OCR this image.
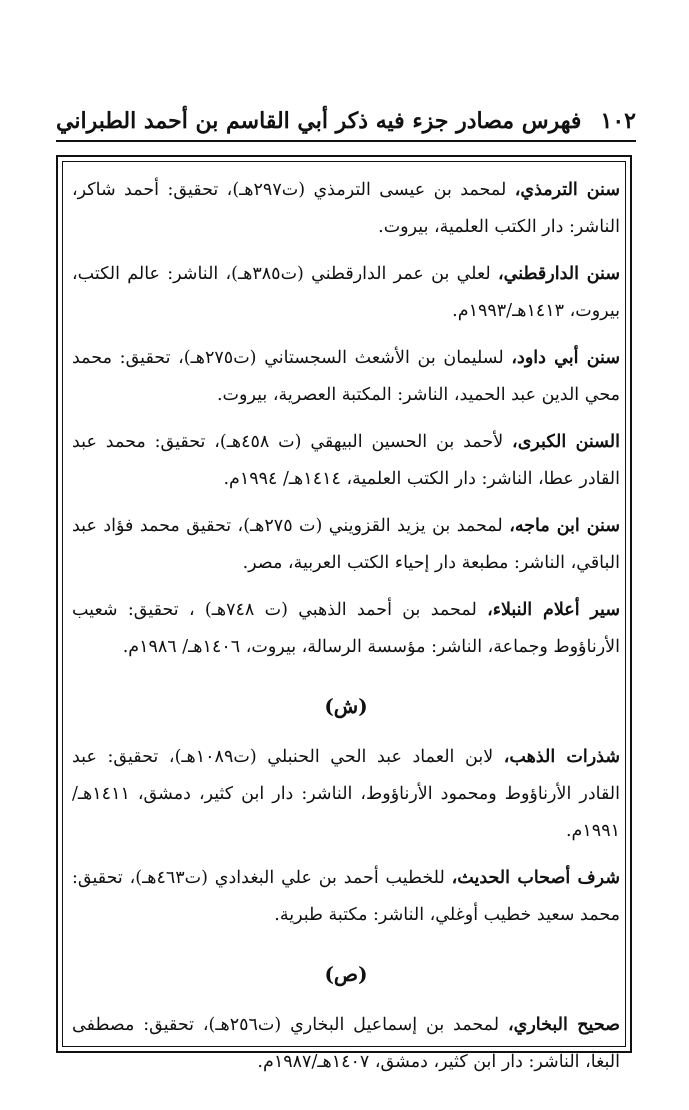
١٠٢
فهرس مصادر جزء فيه ذكر أبي القاسم بن أحمد الطبراني

سنن الترمذي، لمحمد بن عيسى الترمذي (ت٢٩٧هـ)، تحقيق: أحمد شاكر، الناشر: دار الكتب العلمية، بيروت.

سنن الدارقطني، لعلي بن عمر الدارقطني (ت٣٨٥هـ)، الناشر: عالم الكتب، بيروت، ١٤١٣هـ/١٩٩٣م.

سنن أبي داود، لسليمان بن الأشعث السجستاني (ت٢٧٥هـ)، تحقيق: محمد محي الدين عبد الحميد، الناشر: المكتبة العصرية، بيروت.

السنن الكبرى، لأحمد بن الحسين البيهقي (ت ٤٥٨هـ)، تحقيق: محمد عبد القادر عطا، الناشر: دار الكتب العلمية، ١٤١٤هـ/ ١٩٩٤م.

سنن ابن ماجه، لمحمد بن يزيد القزويني (ت ٢٧٥هـ)، تحقيق محمد فؤاد عبد الباقي، الناشر: مطبعة دار إحياء الكتب العربية، مصر.

سير أعلام النبلاء، لمحمد بن أحمد الذهبي (ت ٧٤٨هـ) ، تحقيق: شعيب الأرناؤوط وجماعة، الناشر: مؤسسة الرسالة، بيروت، ١٤٠٦هـ/ ١٩٨٦م.

(ش)

شذرات الذهب، لابن العماد عبد الحي الحنبلي (ت١٠٨٩هـ)، تحقيق: عبد القادر الأرناؤوط ومحمود الأرناؤوط، الناشر: دار ابن كثير، دمشق، ١٤١١هـ/ ١٩٩١م.

شرف أصحاب الحديث، للخطيب أحمد بن علي البغدادي (ت٤٦٣هـ)، تحقيق: محمد سعيد خطيب أوغلي، الناشر: مكتبة طبرية.

(ص)

صحيح البخاري، لمحمد بن إسماعيل البخاري (ت٢٥٦هـ)، تحقيق: مصطفى البغا، الناشر: دار ابن كثير، دمشق، ١٤٠٧هـ/١٩٨٧م.
